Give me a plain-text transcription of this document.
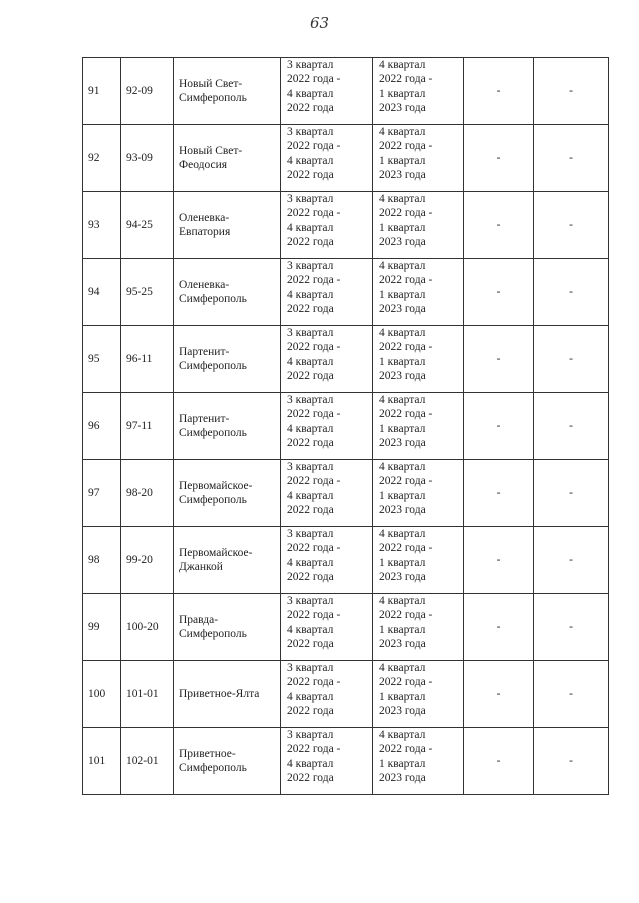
63
91	92-09	Новый Свет-Симферополь	3 квартал
2022 года -
4 квартал
2022 года	4 квартал
2022 года -
1 квартал
2023 года	-	-
92	93-09	Новый Свет-Феодосия	3 квартал
2022 года -
4 квартал
2022 года	4 квартал
2022 года -
1 квартал
2023 года	-	-
93	94-25	Оленевка-Евпатория	3 квартал
2022 года -
4 квартал
2022 года	4 квартал
2022 года -
1 квартал
2023 года	-	-
94	95-25	Оленевка-Симферополь	3 квартал
2022 года -
4 квартал
2022 года	4 квартал
2022 года -
1 квартал
2023 года	-	-
95	96-11	Партенит-Симферополь	3 квартал
2022 года -
4 квартал
2022 года	4 квартал
2022 года -
1 квартал
2023 года	-	-
96	97-11	Партенит-Симферополь	3 квартал
2022 года -
4 квартал
2022 года	4 квартал
2022 года -
1 квартал
2023 года	-	-
97	98-20	Первомайское-Симферополь	3 квартал
2022 года -
4 квартал
2022 года	4 квартал
2022 года -
1 квартал
2023 года	-	-
98	99-20	Первомайское-Джанкой	3 квартал
2022 года -
4 квартал
2022 года	4 квартал
2022 года -
1 квартал
2023 года	-	-
99	100-20	Правда-Симферополь	3 квартал
2022 года -
4 квартал
2022 года	4 квартал
2022 года -
1 квартал
2023 года	-	-
100	101-01	Приветное-Ялта	3 квартал
2022 года -
4 квартал
2022 года	4 квартал
2022 года -
1 квартал
2023 года	-	-
101	102-01	Приветное-Симферополь	3 квартал
2022 года -
4 квартал
2022 года	4 квартал
2022 года -
1 квартал
2023 года	-	-
